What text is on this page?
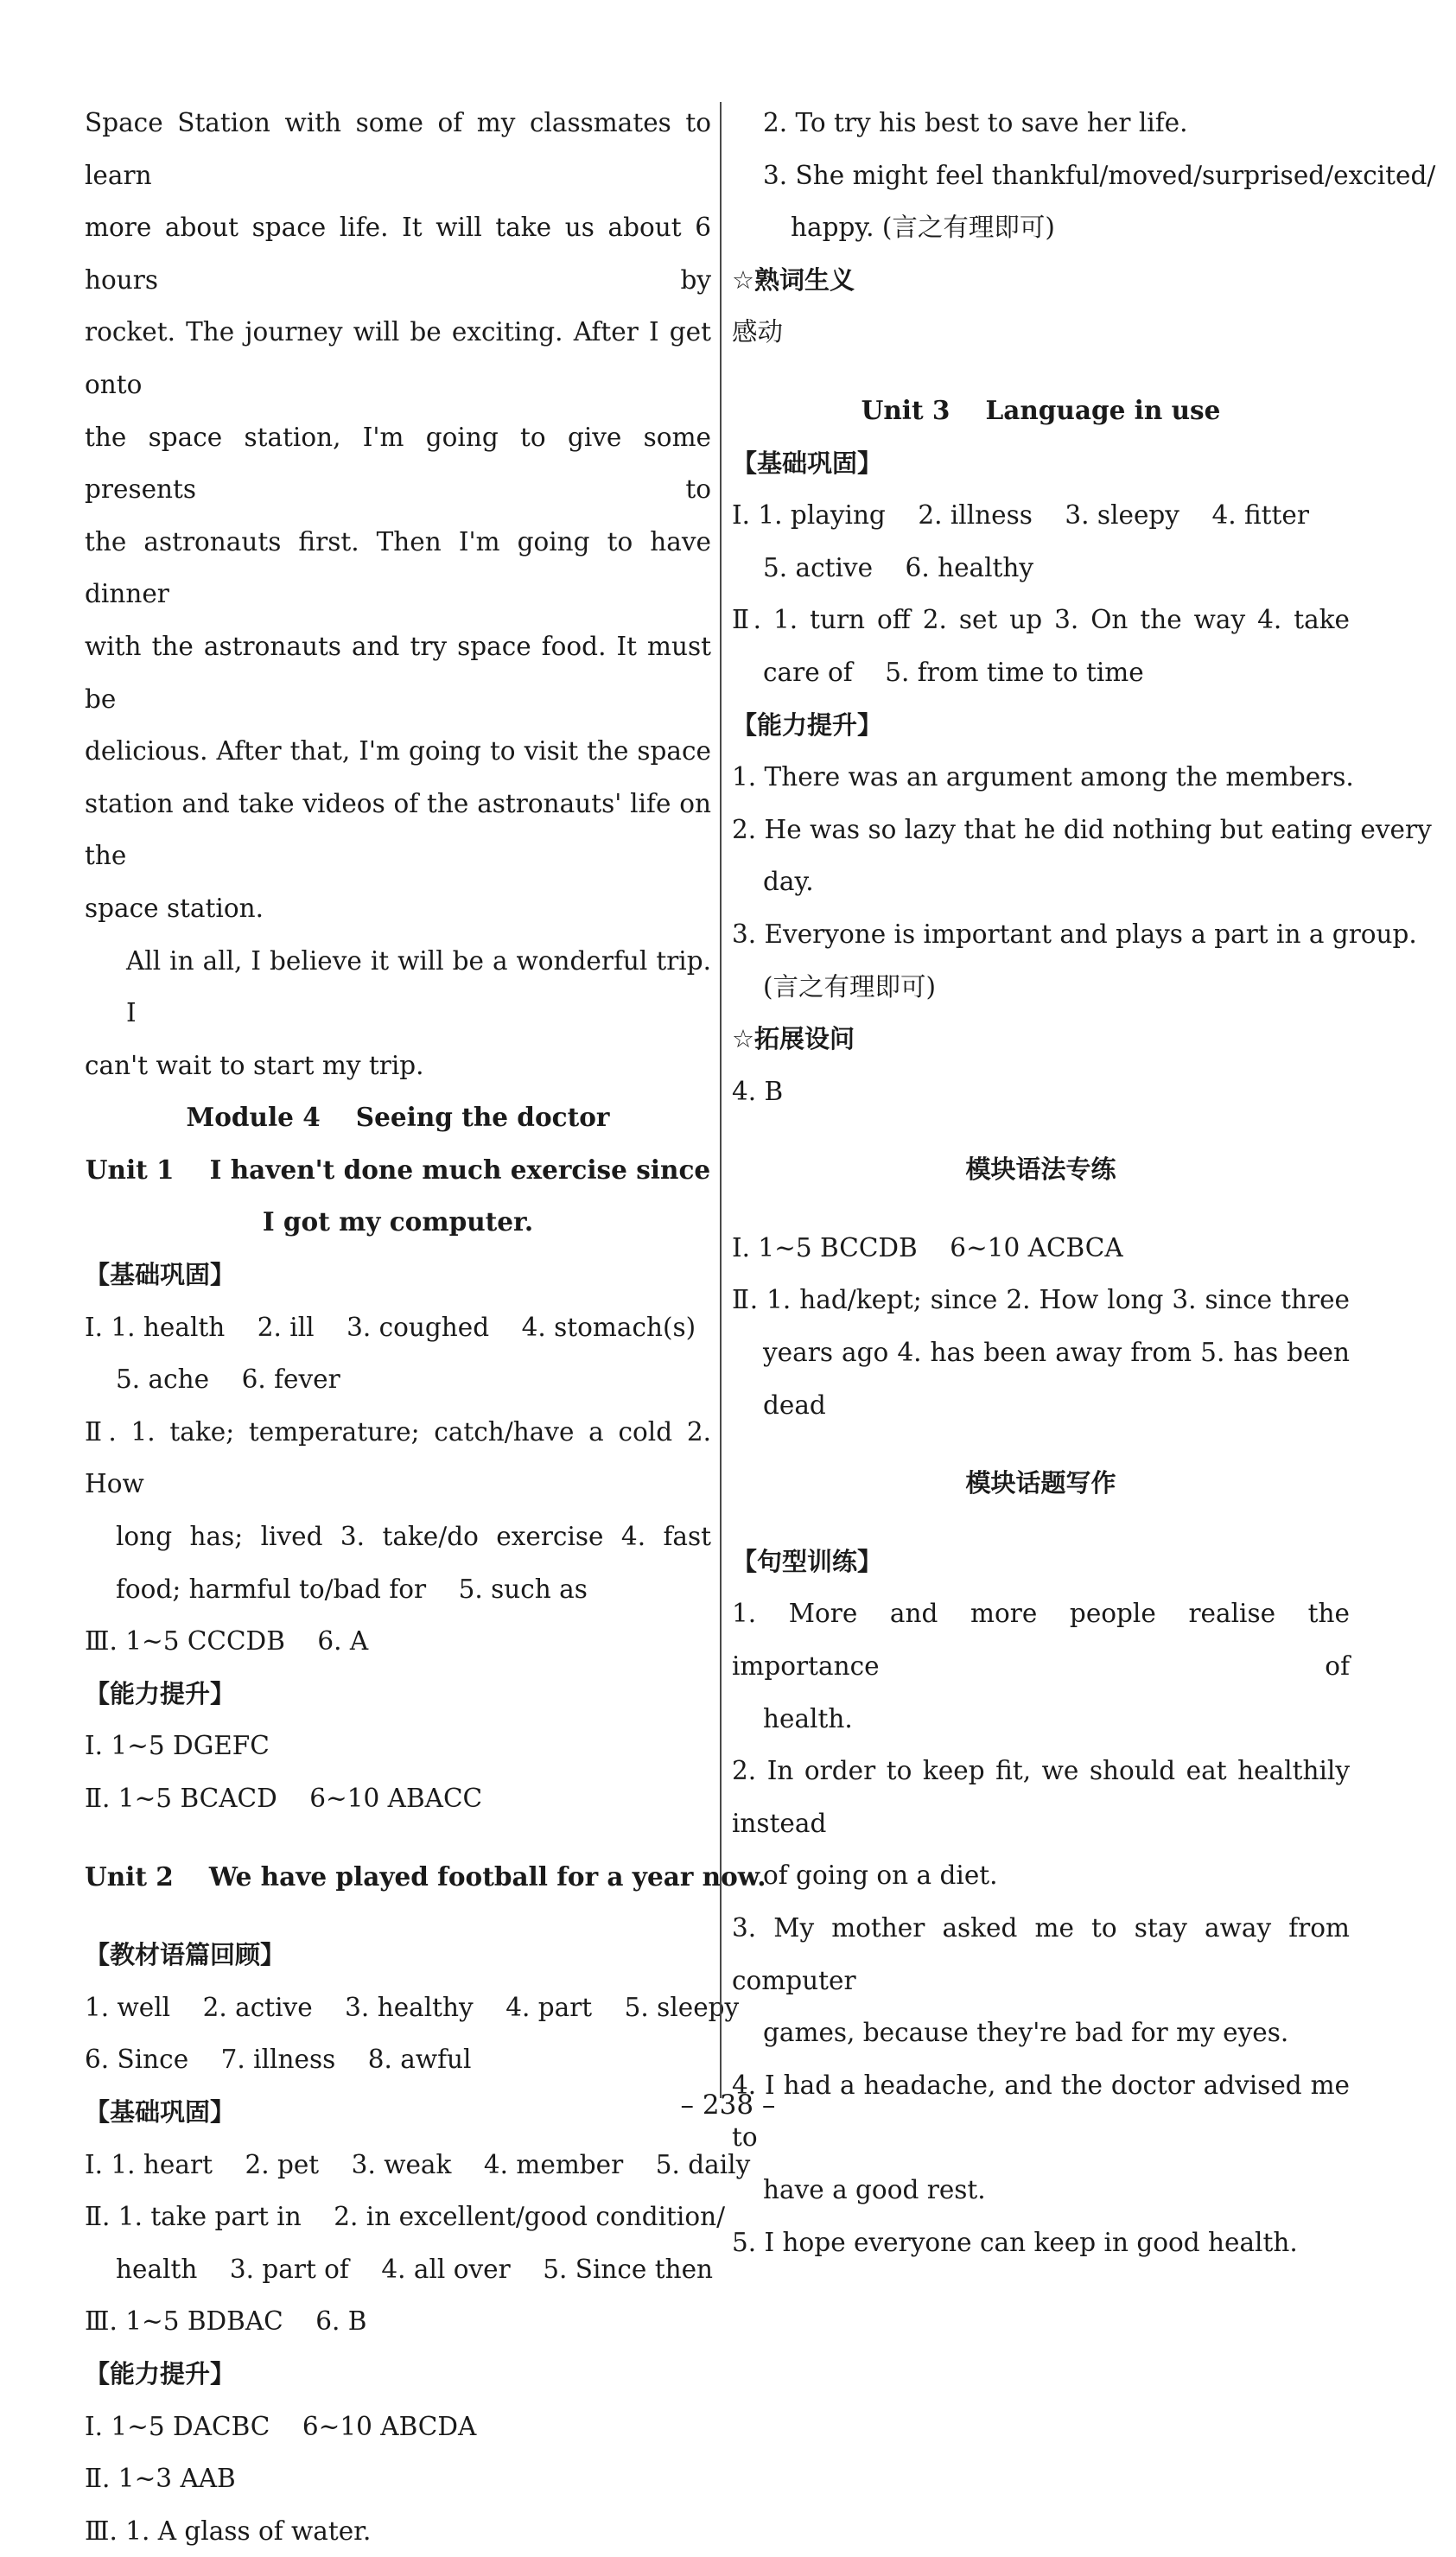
Space Station with some of my classmates to learn
more about space life. It will take us about 6 hours by
rocket. The journey will be exciting. After I get onto
the space station, I'm going to give some presents to
the astronauts first. Then I'm going to have dinner
with the astronauts and try space food. It must be
delicious. After that, I'm going to visit the space
station and take videos of the astronauts' life on the
space station.
All in all, I believe it will be a wonderful trip. I
can't wait to start my trip.
Module 4    Seeing the doctor
Unit 1    I haven't done much exercise since
I got my computer.
【基础巩固】
Ⅰ. 1. health    2. ill    3. coughed    4. stomach(s)
5. ache    6. fever
Ⅱ. 1. take; temperature; catch/have a cold 2. How
long has; lived 3. take/do exercise 4. fast
food; harmful to/bad for    5. such as
Ⅲ. 1~5 CCCDB    6. A
【能力提升】
Ⅰ. 1~5 DGEFC
Ⅱ. 1~5 BCACD    6~10 ABACC
Unit 2    We have played football for a year now.
【教材语篇回顾】
1. well    2. active    3. healthy    4. part    5. sleepy
6. Since    7. illness    8. awful
【基础巩固】
Ⅰ. 1. heart    2. pet    3. weak    4. member    5. daily
Ⅱ. 1. take part in    2. in excellent/good condition/
health    3. part of    4. all over    5. Since then
Ⅲ. 1~5 BDBAC    6. B
【能力提升】
Ⅰ. 1~5 DACBC    6~10 ABCDA
Ⅱ. 1~3 AAB
Ⅲ. 1. A glass of water.
2. To try his best to save her life.
3. She might feel thankful/moved/surprised/excited/
happy. (言之有理即可)
☆熟词生义
感动
Unit 3    Language in use
【基础巩固】
Ⅰ. 1. playing    2. illness    3. sleepy    4. fitter
5. active    6. healthy
Ⅱ. 1. turn off 2. set up 3. On the way 4. take
care of    5. from time to time
【能力提升】
1. There was an argument among the members.
2. He was so lazy that he did nothing but eating every
day.
3. Everyone is important and plays a part in a group.
(言之有理即可)
☆拓展设问
4. B
模块语法专练
Ⅰ. 1~5 BCCDB    6~10 ACBCA
Ⅱ. 1. had/kept; since 2. How long 3. since three
years ago 4. has been away from 5. has been
dead
模块话题写作
【句型训练】
1. More and more people realise the importance of
health.
2. In order to keep fit, we should eat healthily instead
of going on a diet.
3. My mother asked me to stay away from computer
games, because they're bad for my eyes.
4. I had a headache, and the doctor advised me to
have a good rest.
5. I hope everyone can keep in good health.
– 238 –
